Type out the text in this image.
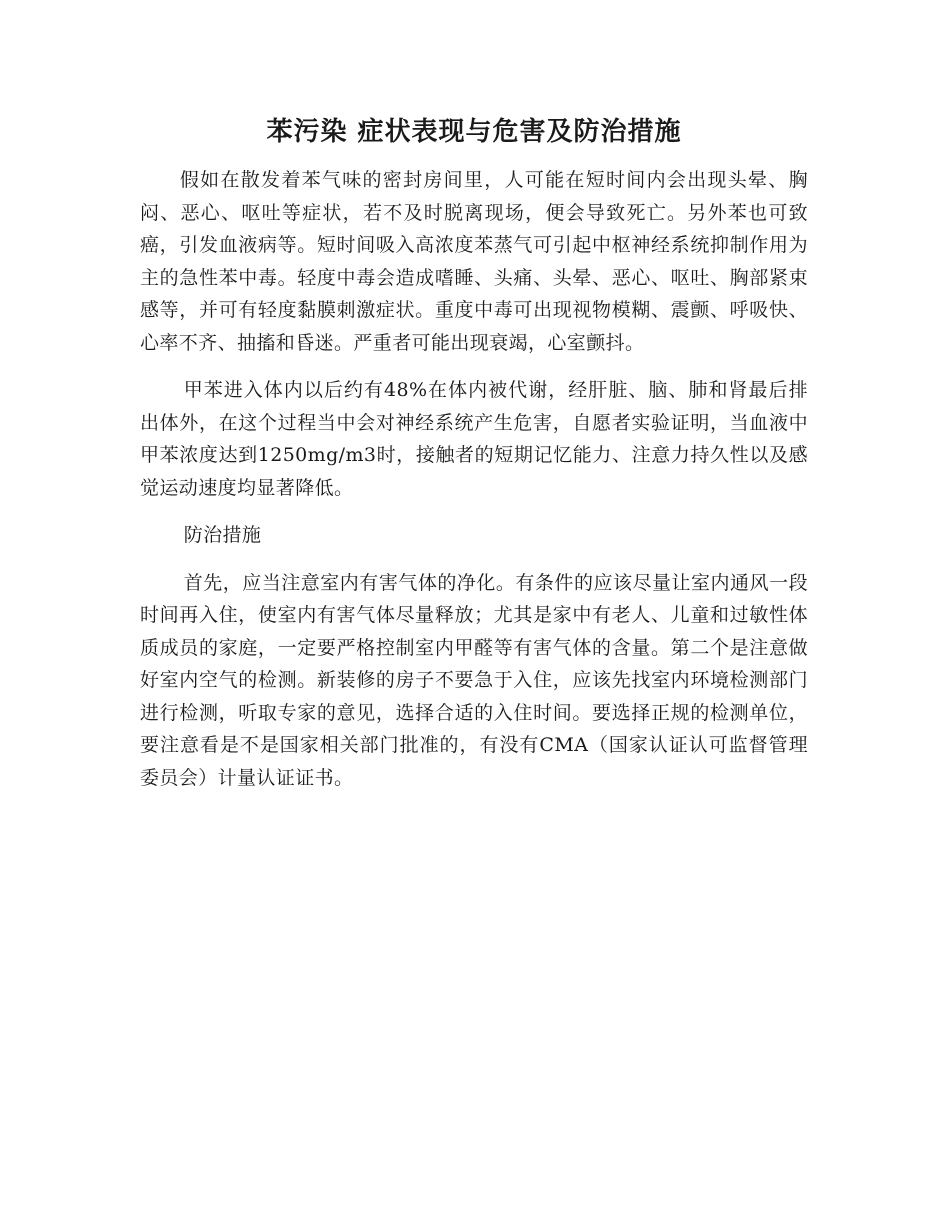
苯污染 症状表现与危害及防治措施

假如在散发着苯气味的密封房间里，人可能在短时间内会出现头晕、胸闷、恶心、呕吐等症状，若不及时脱离现场，便会导致死亡。另外苯也可致癌，引发血液病等。短时间吸入高浓度苯蒸气可引起中枢神经系统抑制作用为主的急性苯中毒。轻度中毒会造成嗜睡、头痛、头晕、恶心、呕吐、胸部紧束感等，并可有轻度黏膜刺激症状。重度中毒可出现视物模糊、震颤、呼吸快、心率不齐、抽搐和昏迷。严重者可能出现衰竭，心室颤抖。

甲苯进入体内以后约有48%在体内被代谢，经肝脏、脑、肺和肾最后排出体外，在这个过程当中会对神经系统产生危害，自愿者实验证明，当血液中甲苯浓度达到1250mg/m3时，接触者的短期记忆能力、注意力持久性以及感觉运动速度均显著降低。

防治措施

首先，应当注意室内有害气体的净化。有条件的应该尽量让室内通风一段时间再入住，使室内有害气体尽量释放；尤其是家中有老人、儿童和过敏性体质成员的家庭，一定要严格控制室内甲醛等有害气体的含量。第二个是注意做好室内空气的检测。新装修的房子不要急于入住，应该先找室内环境检测部门进行检测，听取专家的意见，选择合适的入住时间。要选择正规的检测单位，要注意看是不是国家相关部门批准的，有没有CMA（国家认证认可监督管理委员会）计量认证证书。
